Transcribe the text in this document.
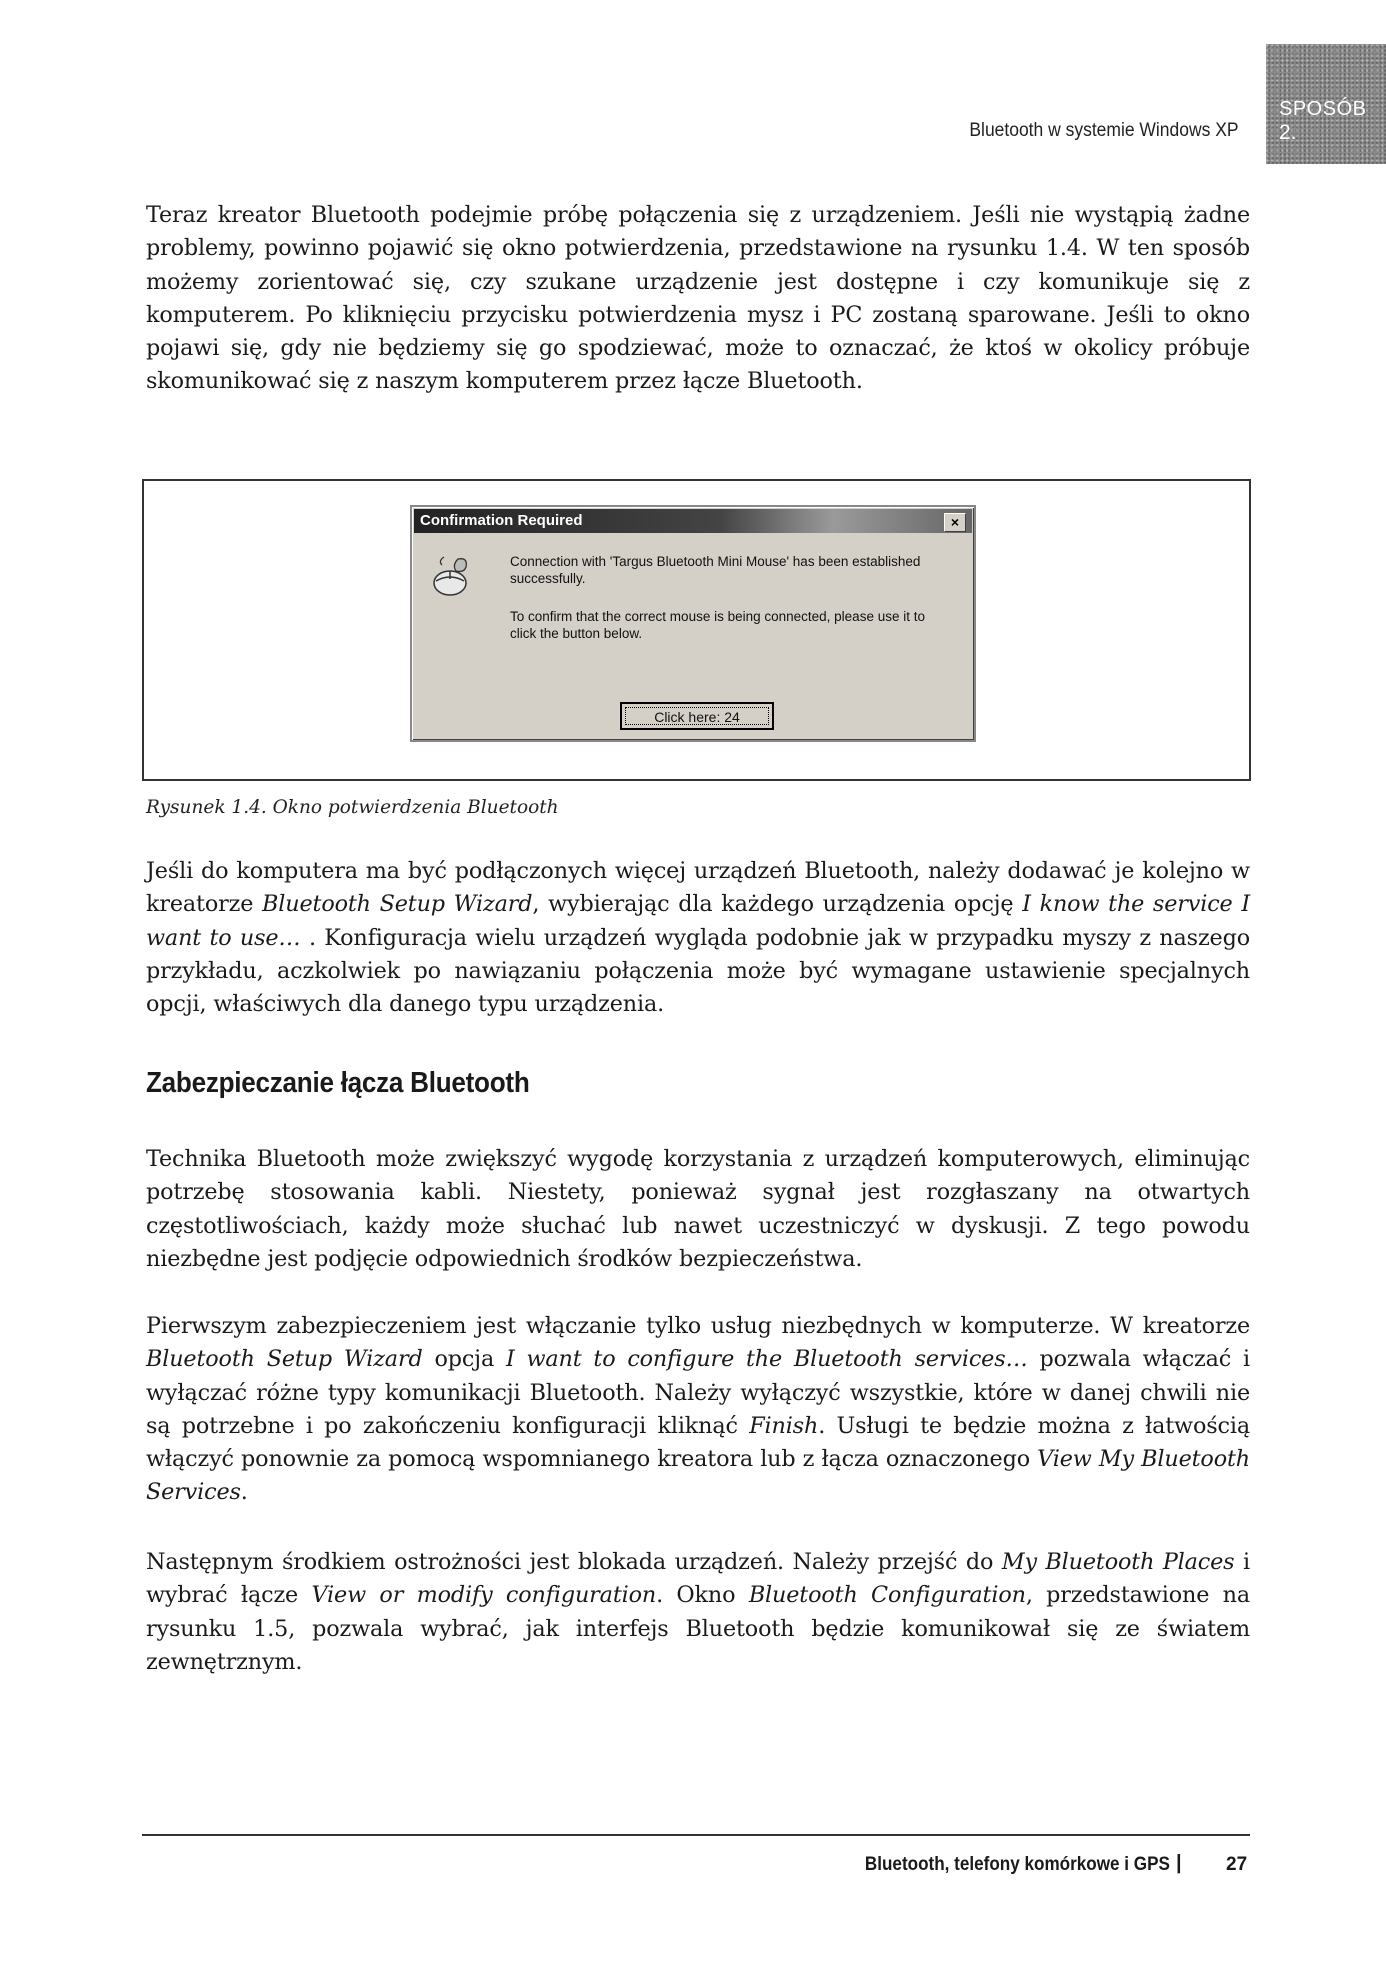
SPOSÓB
2.
Bluetooth w systemie Windows XP

Teraz kreator Bluetooth podejmie próbę połączenia się z urządzeniem. Jeśli nie wystąpią żadne problemy, powinno pojawić się okno potwierdzenia, przedstawione na rysunku 1.4. W ten sposób możemy zorientować się, czy szukane urządzenie jest dostępne i czy komunikuje się z komputerem. Po kliknięciu przycisku potwierdzenia mysz i PC zostaną sparowane. Jeśli to okno pojawi się, gdy nie będziemy się go spodziewać, może to oznaczać, że ktoś w okolicy próbuje skomunikować się z naszym komputerem przez łącze Bluetooth.

Confirmation Required	×
Connection with 'Targus Bluetooth Mini Mouse' has been established successfully.
To confirm that the correct mouse is being connected, please use it to click the button below.
Click here: 24
Rysunek 1.4. Okno potwierdzenia Bluetooth

Jeśli do komputera ma być podłączonych więcej urządzeń Bluetooth, należy dodawać je kolejno w kreatorze Bluetooth Setup Wizard, wybierając dla każdego urządzenia opcję I know the service I want to use… . Konfiguracja wielu urządzeń wygląda podobnie jak w przypadku myszy z naszego przykładu, aczkolwiek po nawiązaniu połączenia może być wymagane ustawienie specjalnych opcji, właściwych dla danego typu urządzenia.

Zabezpieczanie łącza Bluetooth

Technika Bluetooth może zwiększyć wygodę korzystania z urządzeń komputerowych, eliminując potrzebę stosowania kabli. Niestety, ponieważ sygnał jest rozgłaszany na otwartych częstotliwościach, każdy może słuchać lub nawet uczestniczyć w dyskusji. Z tego powodu niezbędne jest podjęcie odpowiednich środków bezpieczeństwa.

Pierwszym zabezpieczeniem jest włączanie tylko usług niezbędnych w komputerze. W kreatorze Bluetooth Setup Wizard opcja I want to configure the Bluetooth services… pozwala włączać i wyłączać różne typy komunikacji Bluetooth. Należy wyłączyć wszystkie, które w danej chwili nie są potrzebne i po zakończeniu konfiguracji kliknąć Finish. Usługi te będzie można z łatwością włączyć ponownie za pomocą wspomnianego kreatora lub z łącza oznaczonego View My Bluetooth Services.

Następnym środkiem ostrożności jest blokada urządzeń. Należy przejść do My Bluetooth Places i wybrać łącze View or modify configuration. Okno Bluetooth Configuration, przedstawione na rysunku 1.5, pozwala wybrać, jak interfejs Bluetooth będzie komunikował się ze światem zewnętrznym.

Bluetooth, telefony komórkowe i GPS | 27
